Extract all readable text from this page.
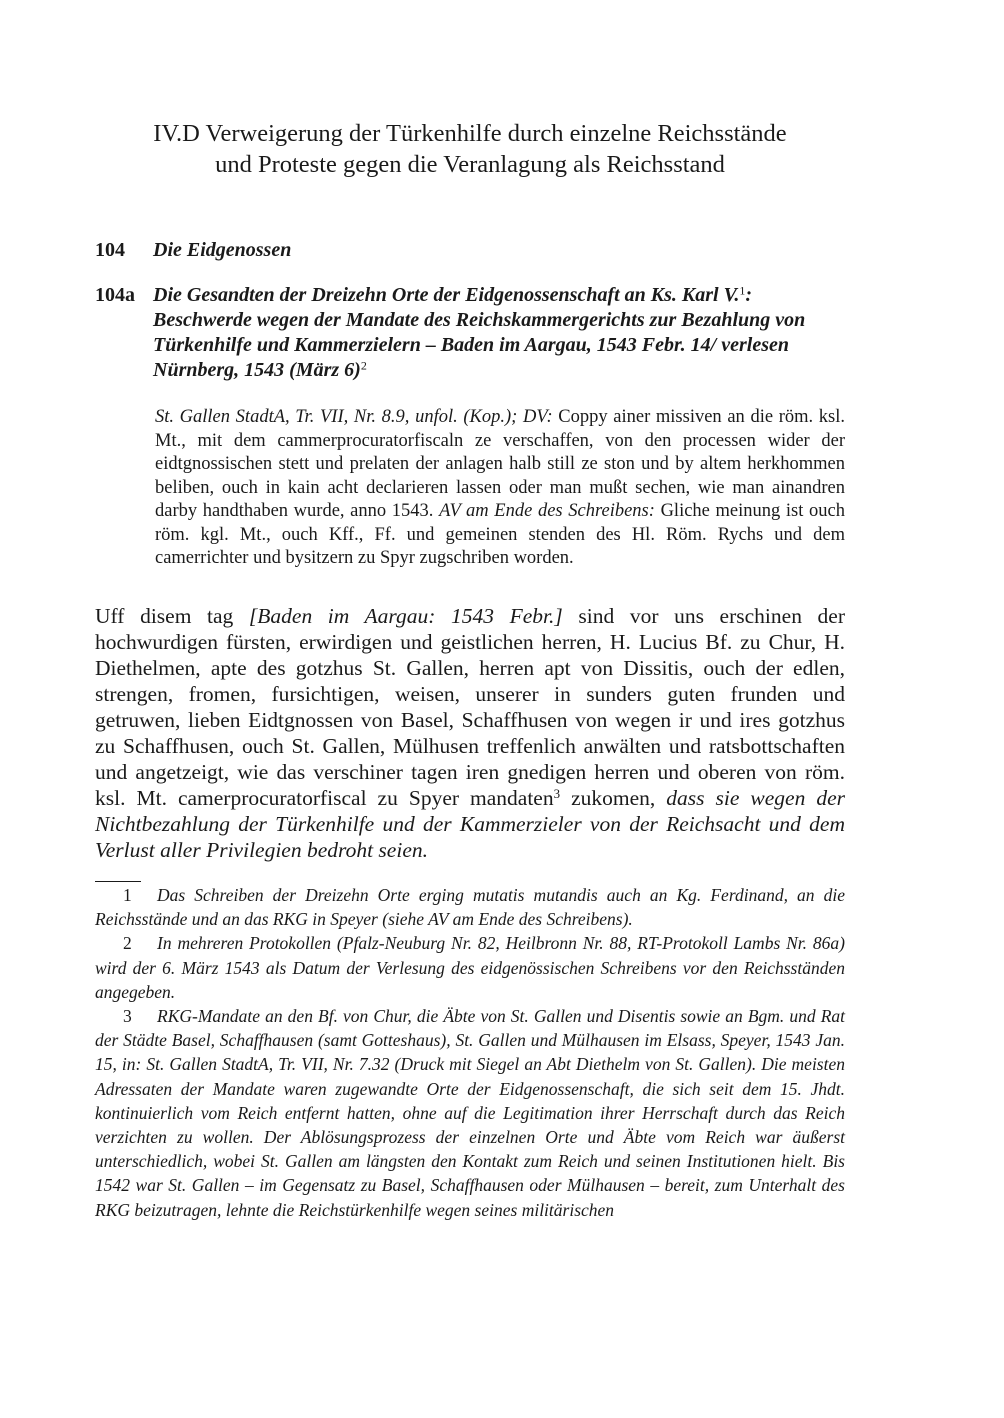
IV.D Verweigerung der Türkenhilfe durch einzelne Reichsstände
und Proteste gegen die Veranlagung als Reichsstand
104 Die Eidgenossen
104a Die Gesandten der Dreizehn Orte der Eidgenossenschaft an Ks. Karl V.$^1$: Beschwerde wegen der Mandate des Reichskammergerichts zur Bezahlung von Türkenhilfe und Kammerzielern – Baden im Aargau, 1543 Febr. 14/ verlesen Nürnberg, 1543 (März 6)$^2$
St. Gallen StadtA, Tr. VII, Nr. 8.9, unfol. (Kop.); DV: Coppy ainer missiven an die röm. ksl. Mt., mit dem cammerprocuratorfiscaln ze verschaffen, von den processen wider der eidtgnossischen stett und prelaten der anlagen halb still ze ston und by altem herkhommen beliben, ouch in kain acht declarieren lassen oder man mußt sechen, wie man ainandren darby handthaben wurde, anno 1543. AV am Ende des Schreibens: Gliche meinung ist ouch röm. kgl. Mt., ouch Kff., Ff. und gemeinen stenden des Hl. Röm. Rychs und dem camerrichter und bysitzern zu Spyr zugschriben worden.
Uff disem tag [Baden im Aargau: 1543 Febr.] sind vor uns erschinen der hochwurdigen fürsten, erwirdigen und geistlichen herren, H. Lucius Bf. zu Chur, H. Diethelmen, apte des gotzhus St. Gallen, herren apt von Dissitis, ouch der edlen, strengen, fromen, fursichtigen, weisen, unserer in sunders guten frunden und getruwen, lieben Eidtgnossen von Basel, Schaffhusen von wegen ir und ires gotzhus zu Schaffhusen, ouch St. Gallen, Mülhusen treffenlich anwälten und ratsbottschaften und angetzeigt, wie das verschiner tagen iren gnedigen herren und oberen von röm. ksl. Mt. camerprocuratorfiscal zu Spyer mandaten$^3$ zukomen, dass sie wegen der Nichtbezahlung der Türkenhilfe und der Kammerzieler von der Reichsacht und dem Verlust aller Privilegien bedroht seien.

1 Das Schreiben der Dreizehn Orte erging mutatis mutandis auch an Kg. Ferdinand, an die Reichsstände und an das RKG in Speyer (siehe AV am Ende des Schreibens).

2 In mehreren Protokollen (Pfalz-Neuburg Nr. 82, Heilbronn Nr. 88, RT-Protokoll Lambs Nr. 86a) wird der 6. März 1543 als Datum der Verlesung des eidgenössischen Schreibens vor den Reichsständen angegeben.

3 RKG-Mandate an den Bf. von Chur, die Äbte von St. Gallen und Disentis sowie an Bgm. und Rat der Städte Basel, Schaffhausen (samt Gotteshaus), St. Gallen und Mülhausen im Elsass, Speyer, 1543 Jan. 15, in: St. Gallen StadtA, Tr. VII, Nr. 7.32 (Druck mit Siegel an Abt Diethelm von St. Gallen). Die meisten Adressaten der Mandate waren zugewandte Orte der Eidgenossenschaft, die sich seit dem 15. Jhdt. kontinuierlich vom Reich entfernt hatten, ohne auf die Legitimation ihrer Herrschaft durch das Reich verzichten zu wollen. Der Ablösungsprozess der einzelnen Orte und Äbte vom Reich war äußerst unterschiedlich, wobei St. Gallen am längsten den Kontakt zum Reich und seinen Institutionen hielt. Bis 1542 war St. Gallen – im Gegensatz zu Basel, Schaffhausen oder Mülhausen – bereit, zum Unterhalt des RKG beizutragen, lehnte die Reichstürkenhilfe wegen seines militärischen
